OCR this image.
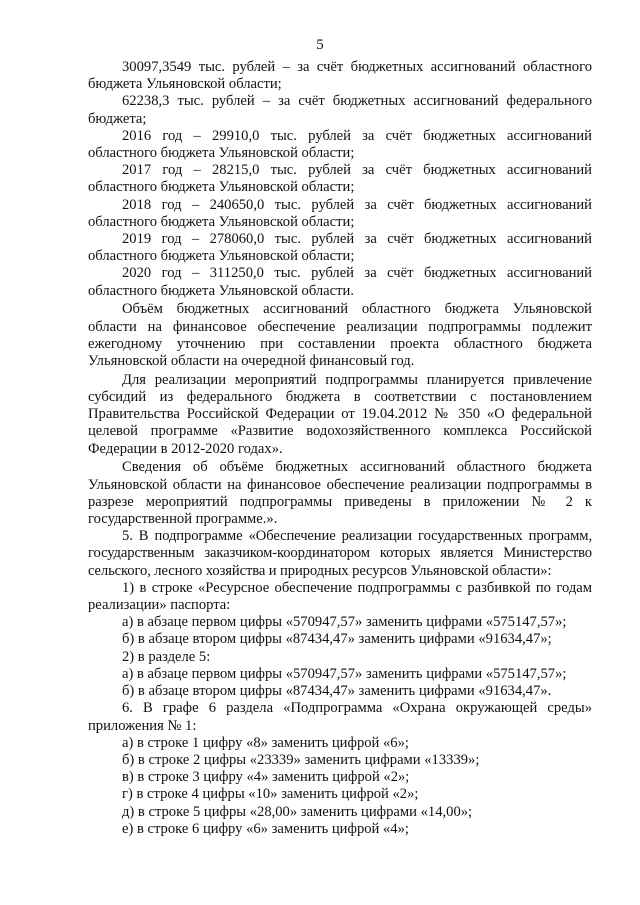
5

30097,3549 тыс. рублей – за счёт бюджетных ассигнований областного бюджета Ульяновской области;

62238,3 тыс. рублей – за счёт бюджетных ассигнований федерального бюджета;

2016 год – 29910,0 тыс. рублей за счёт бюджетных ассигнований областного бюджета Ульяновской области;

2017 год – 28215,0 тыс. рублей за счёт бюджетных ассигнований областного бюджета Ульяновской области;

2018 год – 240650,0 тыс. рублей за счёт бюджетных ассигнований областного бюджета Ульяновской области;

2019 год – 278060,0 тыс. рублей за счёт бюджетных ассигнований областного бюджета Ульяновской области;

2020 год – 311250,0 тыс. рублей за счёт бюджетных ассигнований областного бюджета Ульяновской области.

Объём бюджетных ассигнований областного бюджета Ульяновской области на финансовое обеспечение реализации подпрограммы подлежит ежегодному уточнению при составлении проекта областного бюджета Ульяновской области на очередной финансовый год.

Для реализации мероприятий подпрограммы планируется привлечение субсидий из федерального бюджета в соответствии с постановлением Правительства Российской Федерации от 19.04.2012 № 350 «О федеральной целевой программе «Развитие водохозяйственного комплекса Российской Федерации в 2012-2020 годах».

Сведения об объёме бюджетных ассигнований областного бюджета Ульяновской области на финансовое обеспечение реализации подпрограммы в разрезе мероприятий подпрограммы приведены в приложении № 2 к государственной программе.».

5. В подпрограмме «Обеспечение реализации государственных программ, государственным заказчиком-координатором которых является Министерство сельского, лесного хозяйства и природных ресурсов Ульяновской области»:

1) в строке «Ресурсное обеспечение подпрограммы с разбивкой по годам реализации» паспорта:

а) в абзаце первом цифры «570947,57» заменить цифрами «575147,57»;

б) в абзаце втором цифры «87434,47» заменить цифрами «91634,47»;

2) в разделе 5:

а) в абзаце первом цифры «570947,57» заменить цифрами «575147,57»;

б) в абзаце втором цифры «87434,47» заменить цифрами «91634,47».

6. В графе 6 раздела «Подпрограмма «Охрана окружающей среды» приложения № 1:

а) в строке 1 цифру «8» заменить цифрой «6»;

б) в строке 2 цифры «23339» заменить цифрами «13339»;

в) в строке 3 цифру «4» заменить цифрой «2»;

г) в строке 4 цифры «10» заменить цифрой «2»;

д) в строке 5 цифры «28,00» заменить цифрами «14,00»;

е) в строке 6 цифру «6» заменить цифрой «4»;
